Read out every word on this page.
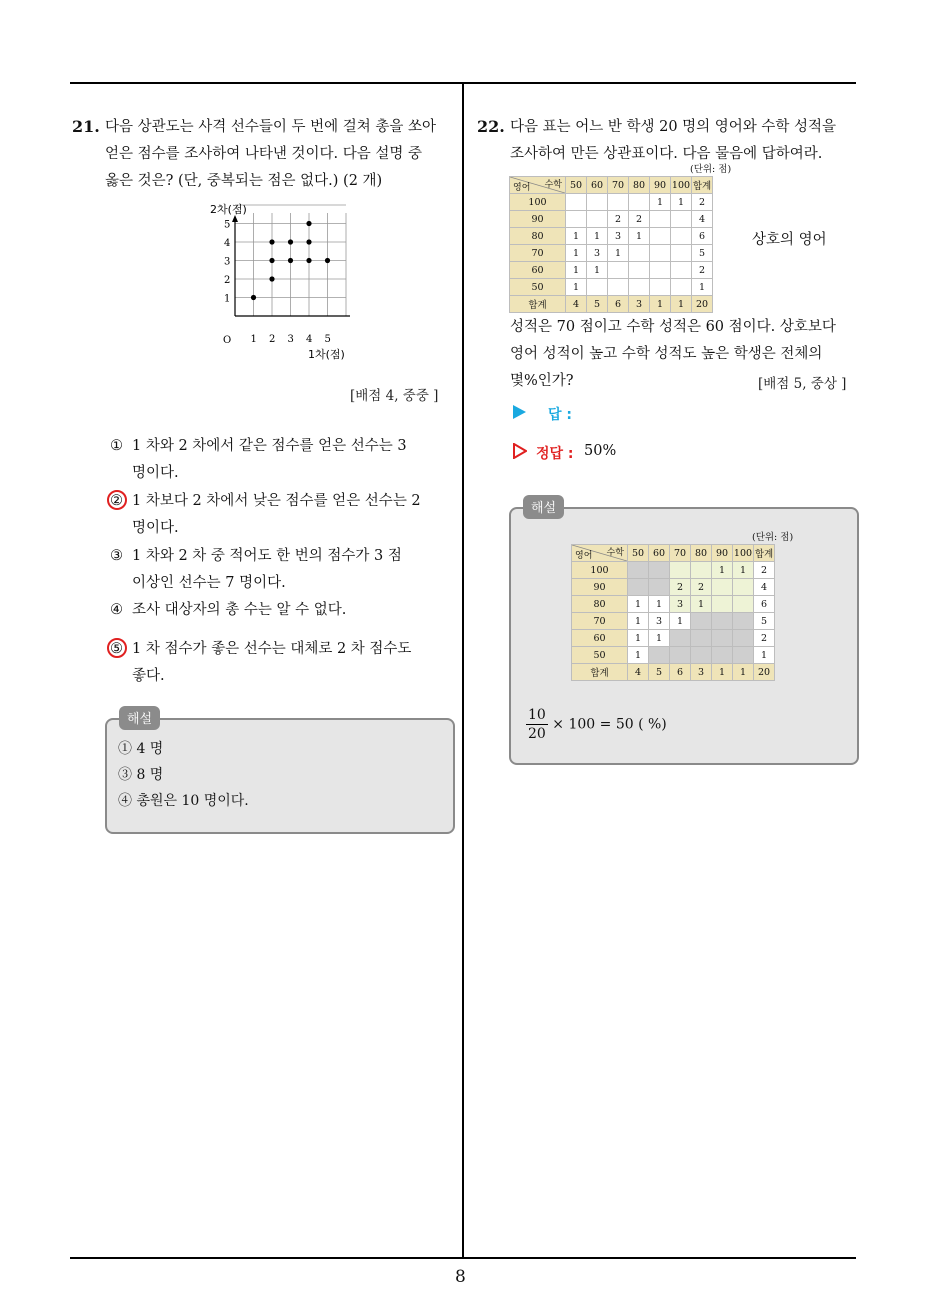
8
21. 다음 상관도는 사격 선수들이 두 번에 걸쳐 총을 쏘아
얻은 점수를 조사하여 나타낸 것이다. 다음 설명 중
옳은 것은? (단, 중복되는 점은 없다.) (2 개)
2차(점)
1차(점)
O 1 2 3 4 5
1
2
3
4
5
[배점 4, 중중 ]
① 1 차와 2 차에서 같은 점수를 얻은 선수는 3
명이다.
② 1 차보다 2 차에서 낮은 점수를 얻은 선수는 2
명이다.
③ 1 차와 2 차 중 적어도 한 번의 점수가 3 점
이상인 선수는 7 명이다.
④ 조사 대상자의 총 수는 알 수 없다.
⑤ 1 차 점수가 좋은 선수는 대체로 2 차 점수도
좋다.
해설
① 4 명
③ 8 명
④ 총원은 10 명이다.
22. 다음 표는 어느 반 학생 20 명의 영어와 수학 성적을
조사하여 만든 상관표이다. 다음 물음에 답하여라.
(단위: 점)
수학
영어	50	60	70	80	90	100	합계
100					1	1	2
90			2	2			4
80	1	1	3	1			6
70	1	3	1				5
60	1	1					2
50	1						1
합계	4	5	6	3	1	1	20
상호의 영어
성적은 70 점이고 수학 성적은 60 점이다. 상호보다
영어 성적이 높고 수학 성적도 높은 학생은 전체의
몇%인가?	[배점 5, 중상 ]
답 :
정답 : 50%
해설
(단위: 점)
수학
영어	50	60	70	80	90	100	합계
100					1	1	2
90			2	2			4
80	1	1	3	1			6
70	1	3	1				5
60	1	1					2
50	1						1
합계	4	5	6	3	1	1	20
$\frac{10}{20} \times 100 = 50$ ( %)
